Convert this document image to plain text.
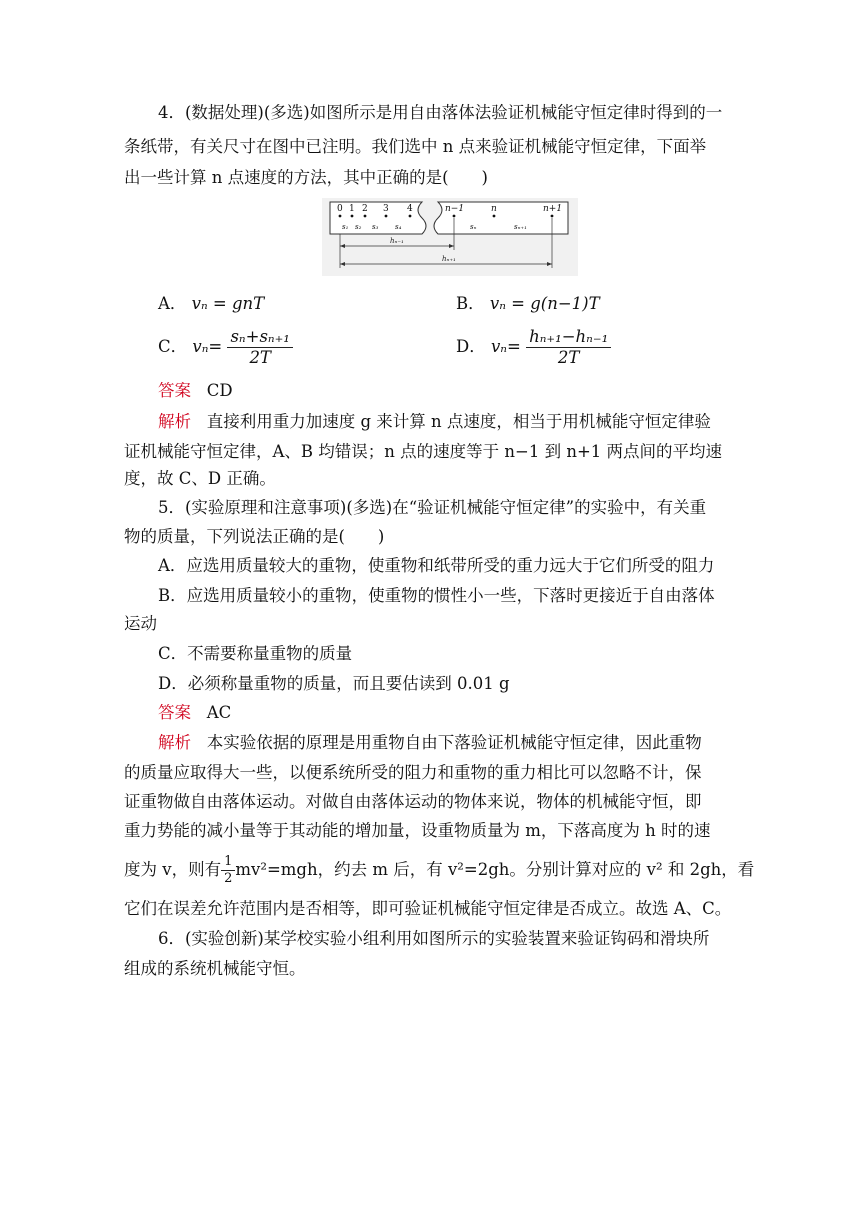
4．(数据处理)(多选)如图所示是用自由落体法验证机械能守恒定律时得到的一
条纸带，有关尺寸在图中已注明。我们选中 n 点来验证机械能守恒定律，下面举
出一些计算 n 点速度的方法，其中正确的是(　　)
0 1 2 3 4	n−1	n	n+1
s₁ s₂ s₃ s₄	sₙ	sₙ₊₁
hₙ₋₁
hₙ₊₁
A． vₙ = gnT	B． vₙ = g(n−1)T
C． $v_n= \frac{\text{sₙ+sₙ₊₁}}{2T}$	D． $v_n= \frac{\text{hₙ₊₁−hₙ₋₁}}{2T}$
答案 CD
解析 直接利用重力加速度 g 来计算 n 点速度，相当于用机械能守恒定律验
证机械能守恒定律，A、B 均错误；n 点的速度等于 n−1 到 n+1 两点间的平均速
度，故 C、D 正确。
5．(实验原理和注意事项)(多选)在“验证机械能守恒定律”的实验中，有关重
物的质量，下列说法正确的是(　　)
A．应选用质量较大的重物，使重物和纸带所受的重力远大于它们所受的阻力
B．应选用质量较小的重物，使重物的惯性小一些，下落时更接近于自由落体
运动
C．不需要称量重物的质量
D．必须称量重物的质量，而且要估读到 0.01 g
答案 AC
解析 本实验依据的原理是用重物自由下落验证机械能守恒定律，因此重物
的质量应取得大一些，以便系统所受的阻力和重物的重力相比可以忽略不计，保
证重物做自由落体运动。对做自由落体运动的物体来说，物体的机械能守恒，即
重力势能的减小量等于其动能的增加量，设重物质量为 m，下落高度为 h 时的速
度为 v，则有 $\frac{1}{2} mv^2=mgh$，约去 m 后，有 v²=2gh。分别计算对应的 v² 和 2gh，看
它们在误差允许范围内是否相等，即可验证机械能守恒定律是否成立。故选 A、C。
6．(实验创新)某学校实验小组利用如图所示的实验装置来验证钩码和滑块所
组成的系统机械能守恒。
